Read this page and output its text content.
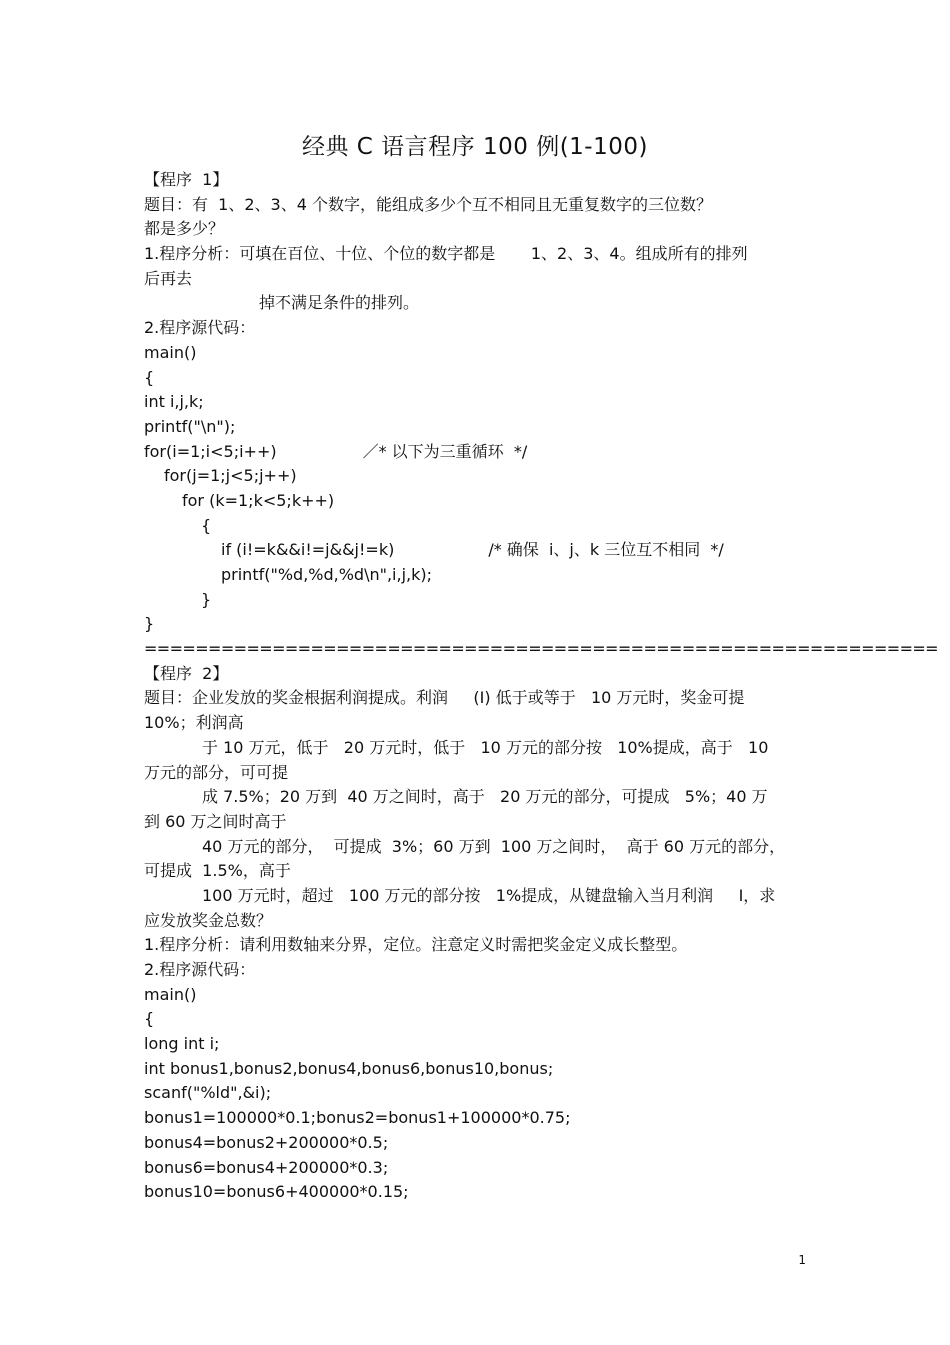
经典 C 语言程序 100 例(1-100)
【程序  1】
题目：有  1、2、3、4 个数字，能组成多少个互不相同且无重复数字的三位数？
都是多少？
1.程序分析：可填在百位、十位、个位的数字都是       1、2、3、4。组成所有的排列
后再去
掉不满足条件的排列。
2.程序源代码：
main()
{
int i,j,k;
printf("\n");
for(i=1;i<5;i++)	／* 以下为三重循环  */
for(j=1;j<5;j++)
for (k=1;k<5;k++)
{
if (i!=k&&i!=j&&j!=k)	/* 确保  i、j、k 三位互不相同  */
printf("%d,%d,%d\n",i,j,k);
}
}
==============================================================
【程序  2】
题目：企业发放的奖金根据利润提成。利润     (I) 低于或等于   10 万元时，奖金可提
10%；利润高
于 10 万元，低于   20 万元时，低于   10 万元的部分按   10%提成，高于   10
万元的部分，可可提
成 7.5%；20 万到  40 万之间时，高于   20 万元的部分，可提成   5%；40 万
到 60 万之间时高于
40 万元的部分，  可提成  3%；60 万到  100 万之间时，  高于 60 万元的部分，
可提成  1.5%，高于
100 万元时，超过   100 万元的部分按   1%提成，从键盘输入当月利润     I，求
应发放奖金总数？
1.程序分析：请利用数轴来分界，定位。注意定义时需把奖金定义成长整型。
2.程序源代码：
main()
{
long int i;
int bonus1,bonus2,bonus4,bonus6,bonus10,bonus;
scanf("%ld",&i);
bonus1=100000*0.1;bonus2=bonus1+100000*0.75;
bonus4=bonus2+200000*0.5;
bonus6=bonus4+200000*0.3;
bonus10=bonus6+400000*0.15;
1
